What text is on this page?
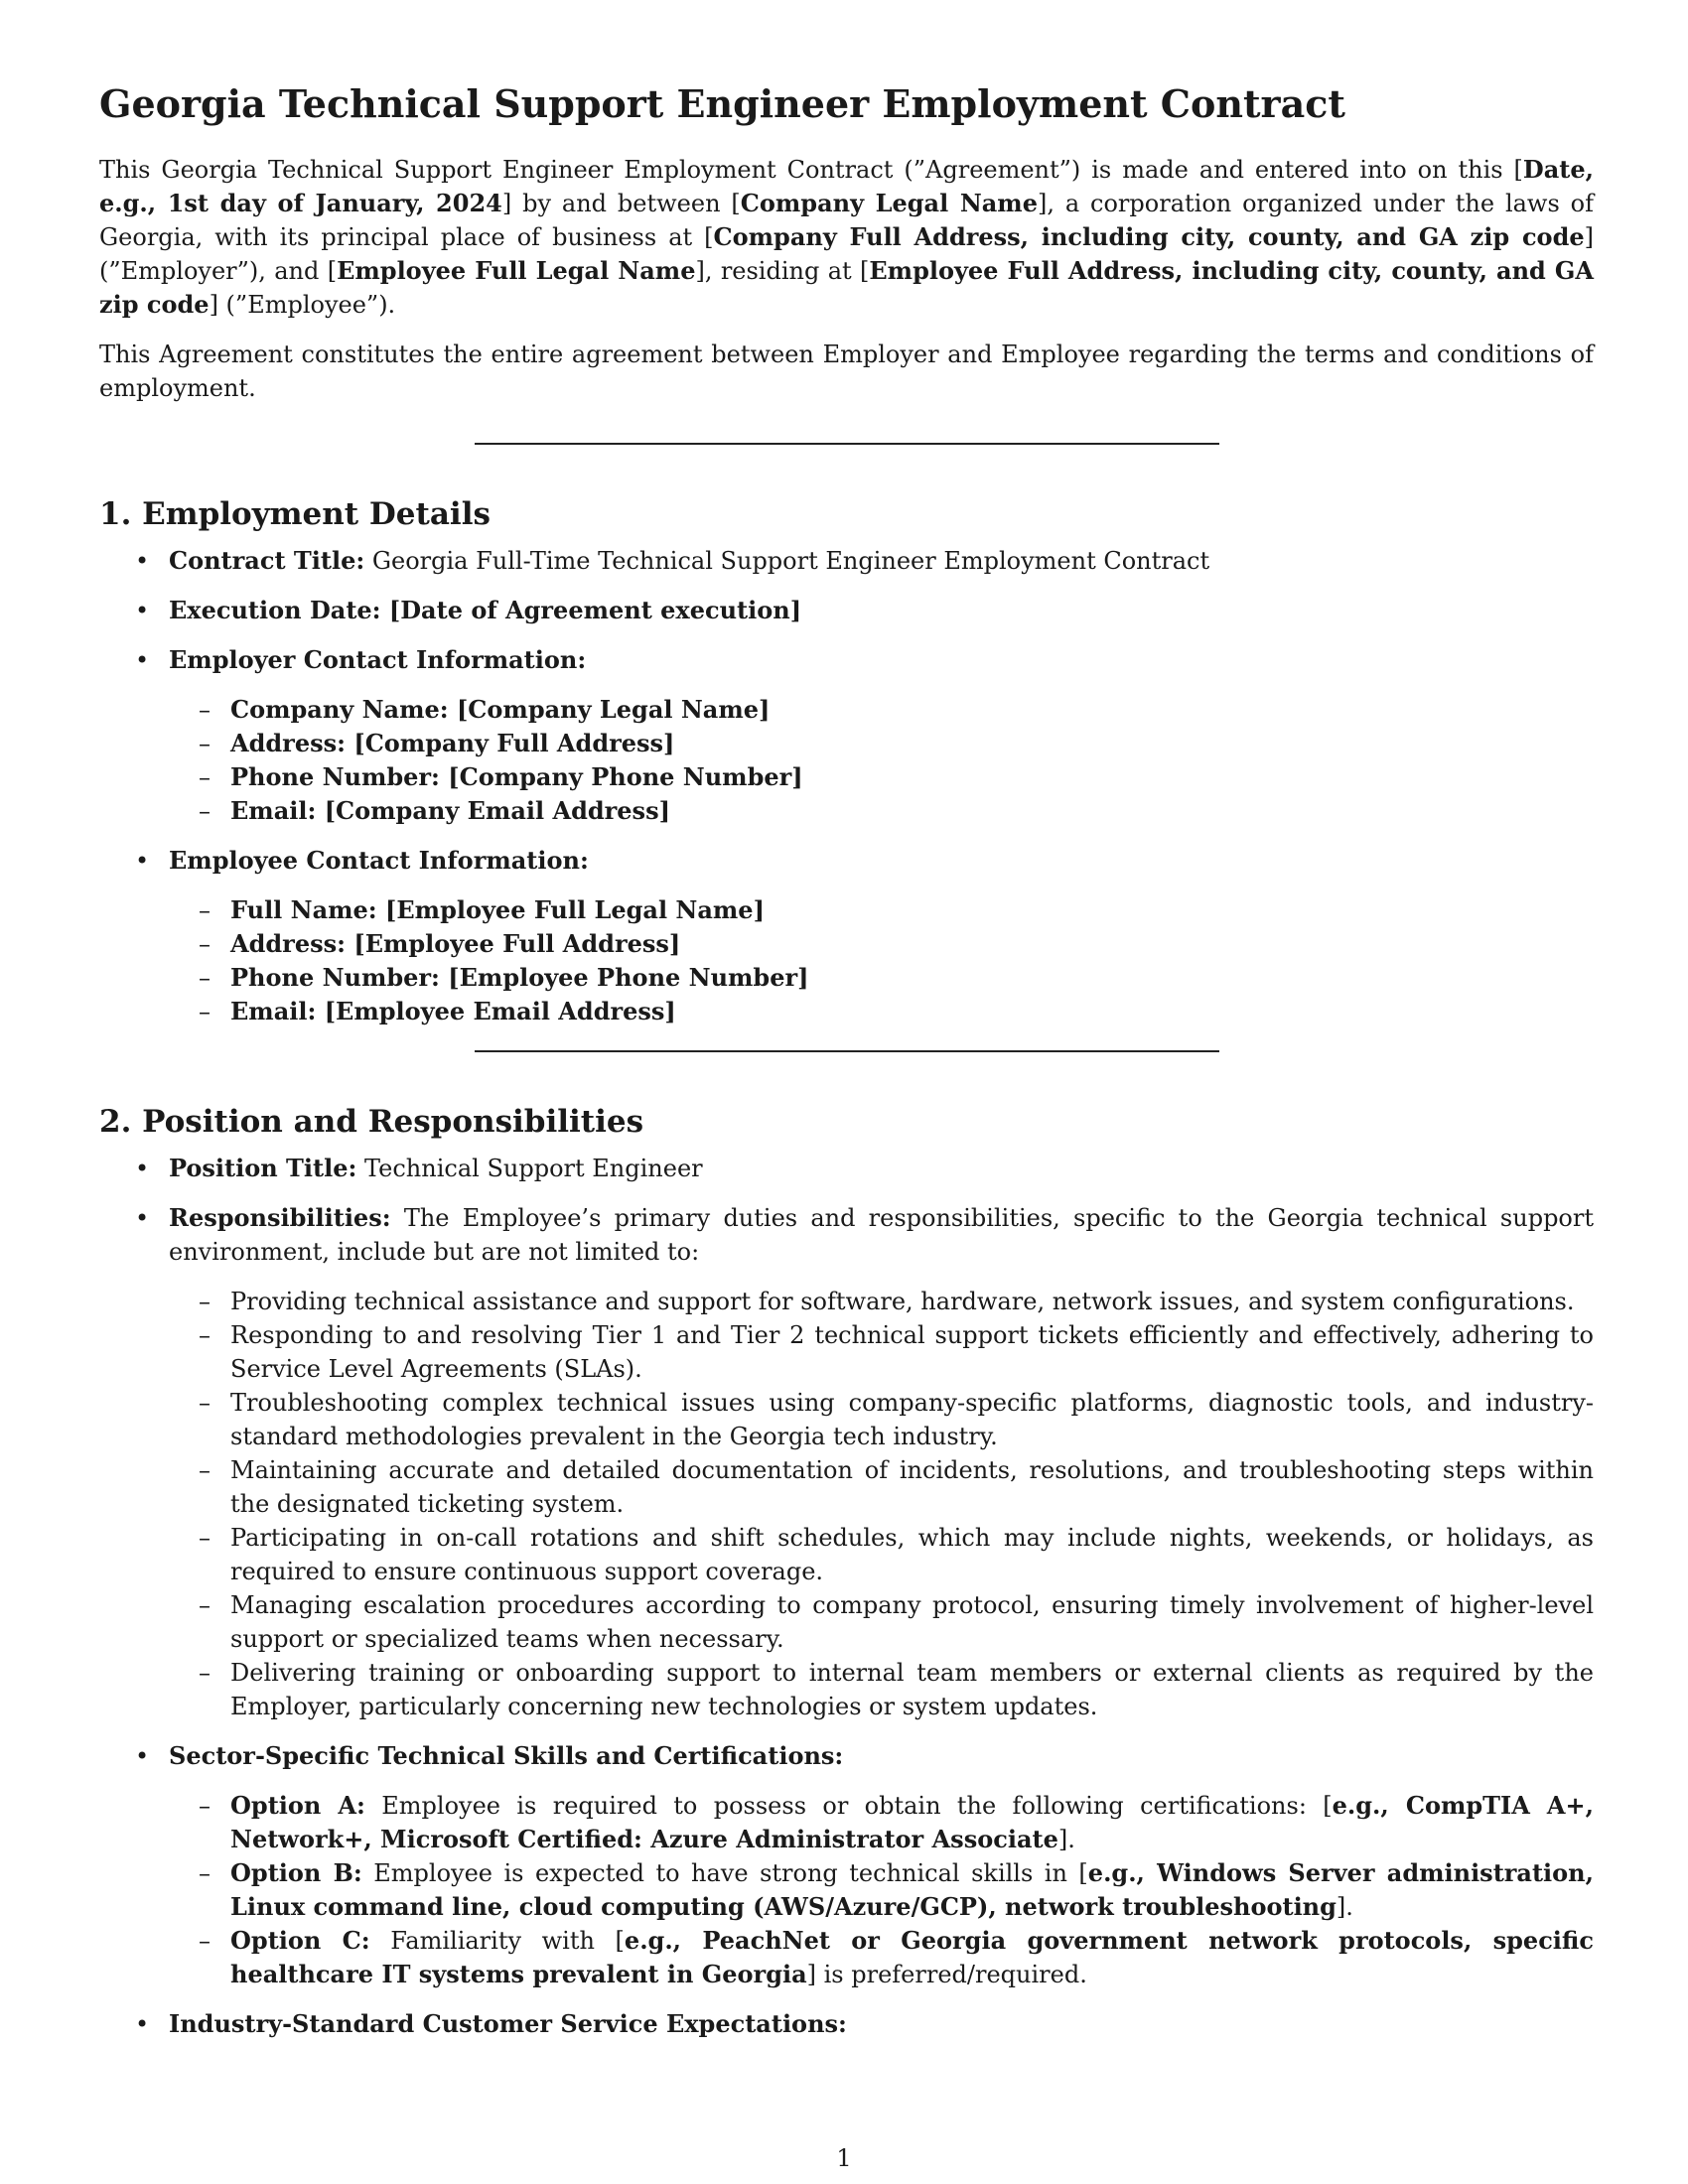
Georgia Technical Support Engineer Employment Contract

This Georgia Technical Support Engineer Employment Contract (”Agreement”) is made and entered into on this [Date, e.g., 1st day of January, 2024] by and between [Company Legal Name], a corporation organized under the laws of Georgia, with its principal place of business at [Company Full Address, including city, county, and GA zip code] (”Employer”), and [Employee Full Legal Name], residing at [Employee Full Address, including city, county, and GA zip code] (”Employee”).

This Agreement constitutes the entire agreement between Employer and Employee regarding the terms and conditions of employment.

1. Employment Details
• Contract Title: Georgia Full-Time Technical Support Engineer Employment Contract
• Execution Date: [Date of Agreement execution]
• Employer Contact Information:
– Company Name: [Company Legal Name]
– Address: [Company Full Address]
– Phone Number: [Company Phone Number]
– Email: [Company Email Address]
• Employee Contact Information:
– Full Name: [Employee Full Legal Name]
– Address: [Employee Full Address]
– Phone Number: [Employee Phone Number]
– Email: [Employee Email Address]
2. Position and Responsibilities
• Position Title: Technical Support Engineer
• Responsibilities: The Employee’s primary duties and responsibilities, specific to the Georgia technical support environment, include but are not limited to:
– Providing technical assistance and support for software, hardware, network issues, and system configurations.
– Responding to and resolving Tier 1 and Tier 2 technical support tickets efficiently and effectively, adhering to Service Level Agreements (SLAs).
– Troubleshooting complex technical issues using company-specific platforms, diagnostic tools, and industry-standard methodologies prevalent in the Georgia tech industry.
– Maintaining accurate and detailed documentation of incidents, resolutions, and troubleshooting steps within the designated ticketing system.
– Participating in on-call rotations and shift schedules, which may include nights, weekends, or holidays, as required to ensure continuous support coverage.
– Managing escalation procedures according to company protocol, ensuring timely involvement of higher-level support or specialized teams when necessary.
– Delivering training or onboarding support to internal team members or external clients as required by the Employer, particularly concerning new technologies or system updates.
• Sector-Specific Technical Skills and Certifications:
– Option A: Employee is required to possess or obtain the following certifications: [e.g., CompTIA A+, Network+, Microsoft Certified: Azure Administrator Associate].
– Option B: Employee is expected to have strong technical skills in [e.g., Windows Server administration, Linux command line, cloud computing (AWS/Azure/GCP), network troubleshooting].
– Option C: Familiarity with [e.g., PeachNet or Georgia government network protocols, specific healthcare IT systems prevalent in Georgia] is preferred/required.
• Industry-Standard Customer Service Expectations:
1
